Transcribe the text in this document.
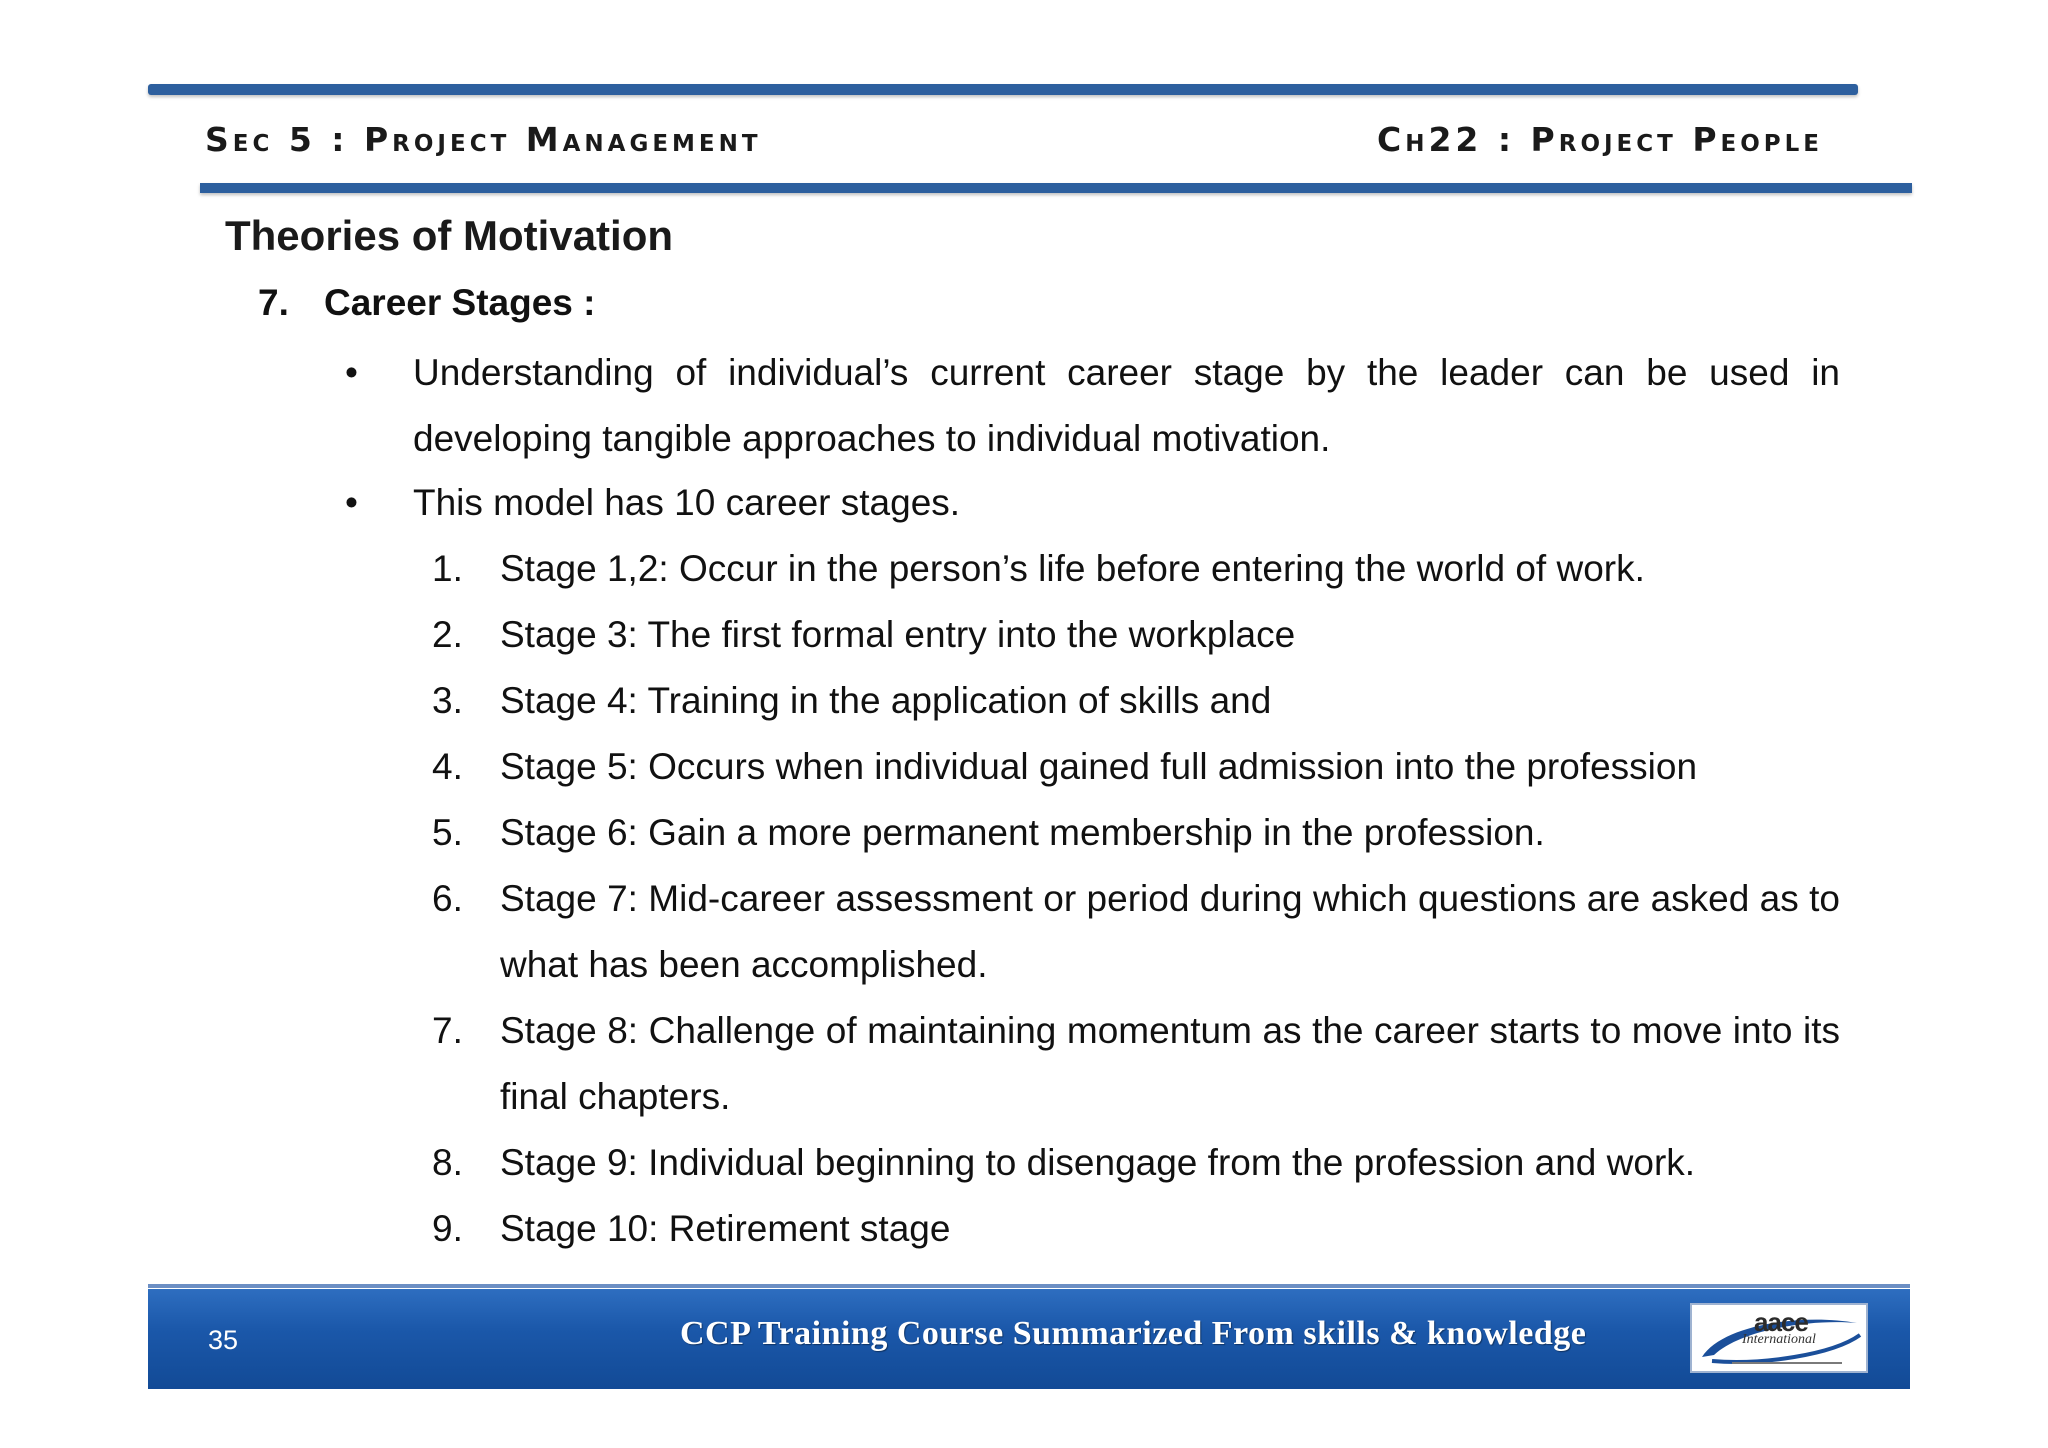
Sec 5 : Project Management	Ch22 : Project People
Theories of Motivation
7. Career Stages :
•	Understanding of individual’s current career stage by the leader can be used in developing tangible approaches to individual motivation.
•	This model has 10 career stages.
1. Stage 1,2: Occur in the person’s life before entering the world of work.
2. Stage 3: The first formal entry into the workplace
3. Stage 4: Training in the application of skills and
4. Stage 5: Occurs when individual gained full admission into the profession
5. Stage 6: Gain a more permanent membership in the profession.
6. Stage 7: Mid-career assessment or period during which questions are asked as to what has been accomplished.
7. Stage 8: Challenge of maintaining momentum as the career starts to move into its final chapters.
8. Stage 9: Individual beginning to disengage from the profession and work.
9. Stage 10: Retirement stage
35	CCP Training Course Summarized From skills & knowledge	aace
International
